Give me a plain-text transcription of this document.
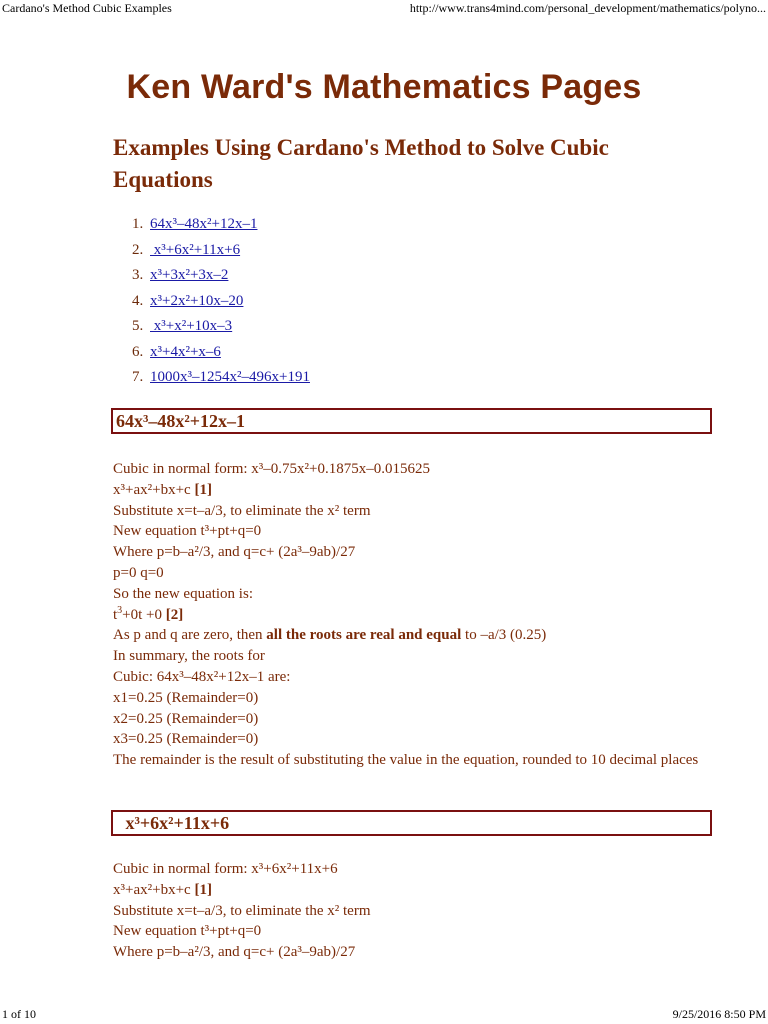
Cardano's Method Cubic Examples	http://www.trans4mind.com/personal_development/mathematics/polyno...
Ken Ward's Mathematics Pages
Examples Using Cardano's Method to Solve Cubic Equations
1. 64x³–48x²+12x–1
2. x³+6x²+11x+6
3. x³+3x²+3x–2
4. x³+2x²+10x–20
5. x³+x²+10x–3
6. x³+4x²+x–6
7. 1000x³–1254x²–496x+191
64x³–48x²+12x–1

Cubic in normal form: x³–0.75x²+0.1875x–0.015625

x³+ax²+bx+c [1]

Substitute x=t–a/3, to eliminate the x² term

New equation t³+pt+q=0

Where p=b–a²/3, and q=c+ (2a³–9ab)/27

p=0 q=0

So the new equation is:

$t^3+0t +0$ [2]

As p and q are zero, then all the roots are real and equal to –a/3 (0.25)

In summary, the roots for

Cubic: 64x³–48x²+12x–1 are:

x1=0.25 (Remainder=0)

x2=0.25 (Remainder=0)

x3=0.25 (Remainder=0)

The remainder is the result of substituting the value in the equation, rounded to 10 decimal places

x³+6x²+11x+6

Cubic in normal form: x³+6x²+11x+6

x³+ax²+bx+c [1]

Substitute x=t–a/3, to eliminate the x² term

New equation t³+pt+q=0

Where p=b–a²/3, and q=c+ (2a³–9ab)/27

1 of 10	9/25/2016 8:50 PM
